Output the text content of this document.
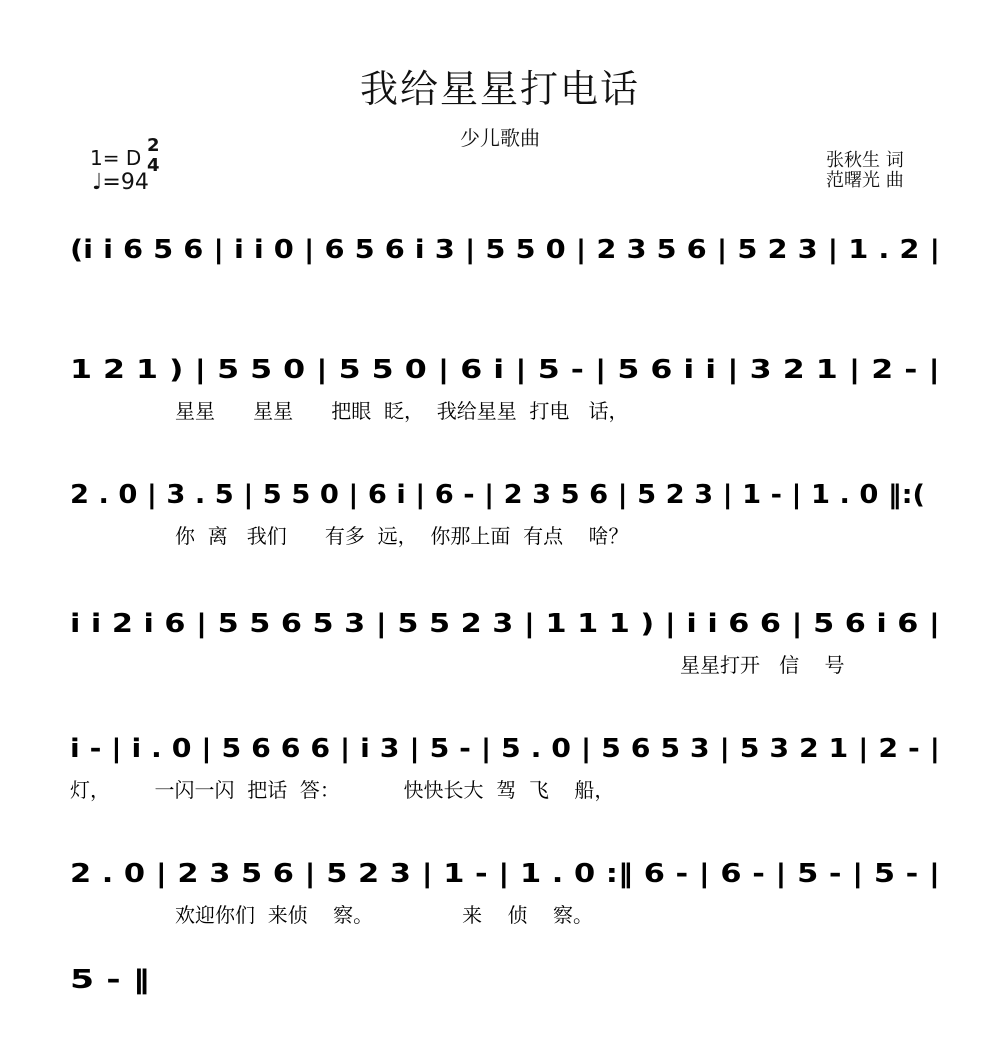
我给星星打电话
少儿歌曲
1= D
2
4
♩=94
张秋生 词
范曙光 曲
(i i 6 5 6 | i i 0 | 6 5 6 i 3 | 5 5 0 | 2 3 5 6 | 5 2 3 | 1 . 2 |
1 2 1 ) | 5 5 0 | 5 5 0 | 6 i | 5 - | 5 6 i i | 3 2 1 | 2 - |
星星      星星      把眼  眨，  我给星星  打电   话，
2 . 0 | 3 . 5 | 5 5 0 | 6 i | 6 - | 2 3 5 6 | 5 2 3 | 1 - | 1 . 0 ‖:(
你  离   我们      有多  远，  你那上面  有点    啥？
i i 2 i 6 | 5 5 6 5 3 | 5 5 2 3 | 1 1 1 ) | i i 6 6 | 5 6 i 6 |
星星打开   信    号
i - | i . 0 | 5 6 6 6 | i 3 | 5 - | 5 . 0 | 5 6 5 3 | 5 3 2 1 | 2 - |
灯，       一闪一闪  把话  答：          快快长大  驾  飞    船，
2 . 0 | 2 3 5 6 | 5 2 3 | 1 - | 1 . 0 :‖ 6 - | 6 - | 5 - | 5 - |
欢迎你们  来侦    察。              来    侦    察。
5 - ‖
